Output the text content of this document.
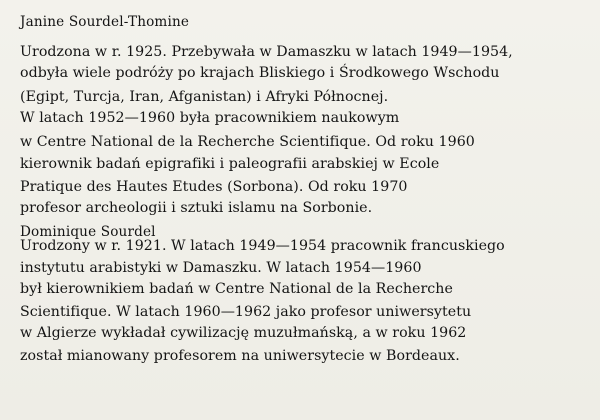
Janine Sourdel-Thomine
Urodzona w r. 1925. Przebywała w Damaszku w latach 1949—1954,
odbyła wiele podróży po krajach Bliskiego i Środkowego Wschodu
(Egipt, Turcja, Iran, Afganistan) i Afryki Północnej.
W latach 1952—1960 była pracownikiem naukowym
w Centre National de la Recherche Scientifique. Od roku 1960
kierownik badań epigrafiki i paleografii arabskiej w Ecole
Pratique des Hautes Etudes (Sorbona). Od roku 1970
profesor archeologii i sztuki islamu na Sorbonie.
Dominique Sourdel
Urodzony w r. 1921. W latach 1949—1954 pracownik francuskiego
instytutu arabistyki w Damaszku. W latach 1954—1960
był kierownikiem badań w Centre National de la Recherche
Scientifique. W latach 1960—1962 jako profesor uniwersytetu
w Algierze wykładał cywilizację muzułmańską, a w roku 1962
został mianowany profesorem na uniwersytecie w Bordeaux.
